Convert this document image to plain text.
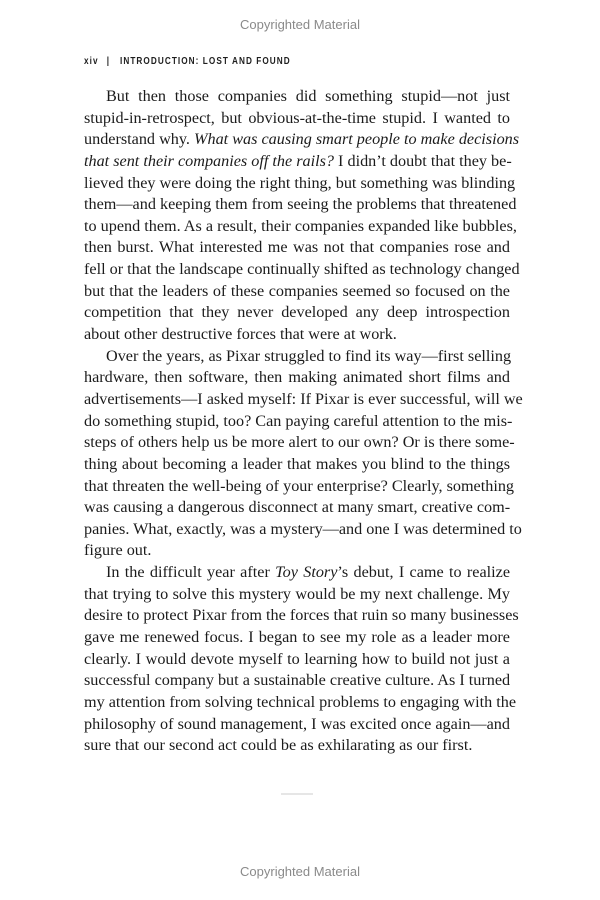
Copyrighted Material
xiv | INTRODUCTION: LOST AND FOUND
But then those companies did something stupid—not just
stupid-in-retrospect, but obvious-at-the-time stupid. I wanted to
understand why. What was causing smart people to make decisions
that sent their companies off the rails? I didn’t doubt that they be-
lieved they were doing the right thing, but something was blinding
them—and keeping them from seeing the problems that threatened
to upend them. As a result, their companies expanded like bubbles,
then burst. What interested me was not that companies rose and
fell or that the landscape continually shifted as technology changed
but that the leaders of these companies seemed so focused on the
competition that they never developed any deep introspection
about other destructive forces that were at work.
Over the years, as Pixar struggled to find its way—first selling
hardware, then software, then making animated short films and
advertisements—I asked myself: If Pixar is ever successful, will we
do something stupid, too? Can paying careful attention to the mis-
steps of others help us be more alert to our own? Or is there some-
thing about becoming a leader that makes you blind to the things
that threaten the well-being of your enterprise? Clearly, something
was causing a dangerous disconnect at many smart, creative com-
panies. What, exactly, was a mystery—and one I was determined to
figure out.
In the difficult year after Toy Story’s debut, I came to realize
that trying to solve this mystery would be my next challenge. My
desire to protect Pixar from the forces that ruin so many businesses
gave me renewed focus. I began to see my role as a leader more
clearly. I would devote myself to learning how to build not just a
successful company but a sustainable creative culture. As I turned
my attention from solving technical problems to engaging with the
philosophy of sound management, I was excited once again—and
sure that our second act could be as exhilarating as our first.
Copyrighted Material
